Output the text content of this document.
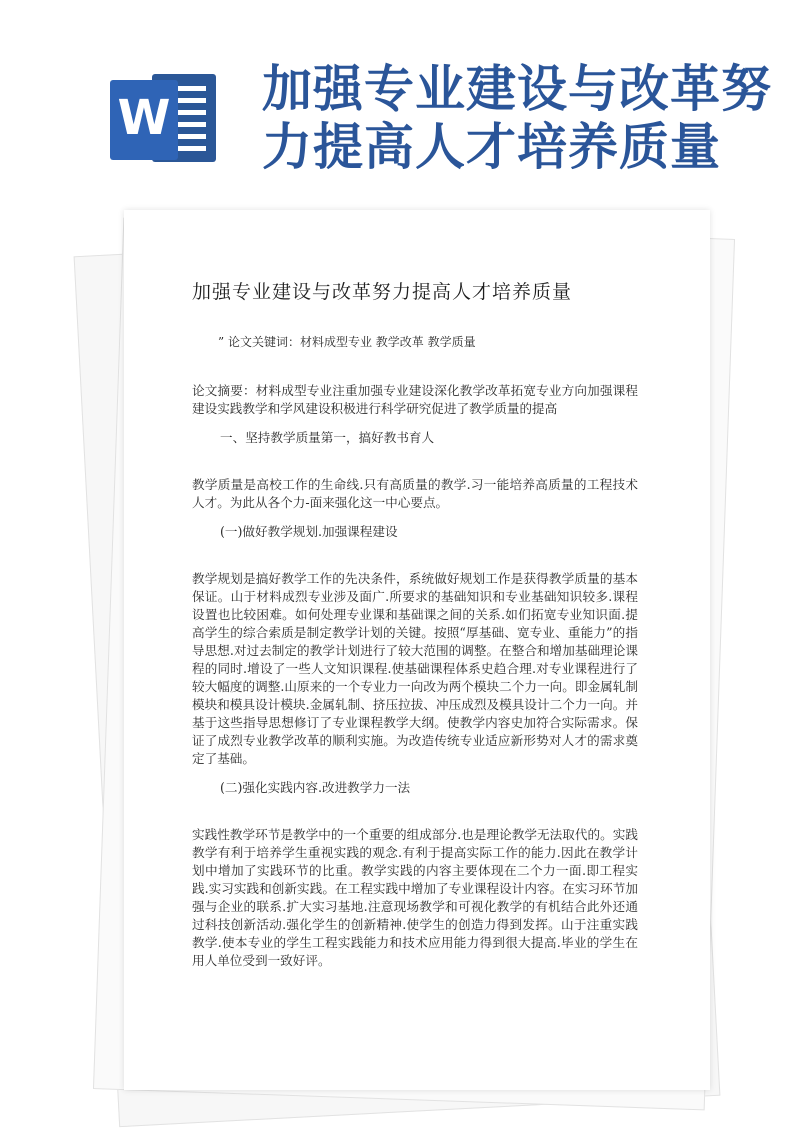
W 加强专业建设与改革努力提高人才培养质量
加强专业建设与改革努力提高人才培养质量

” 论文关键词：材料成型专业 教学改革 教学质量

论文摘要：材料成型专业注重加强专业建设深化教学改革拓宽专业方向加强课程建设实践教学和学风建设积极进行科学研究促进了教学质量的提高

一、坚持教学质量第一，搞好教书育人

教学质量是高校工作的生命线.只有高质量的教学.习一能培养高质量的工程技术人才。为此从各个力-面来强化这一中心要点。

(一)做好教学规划.加强课程建设

教学规划是搞好教学工作的先决条件，系统做好规划工作是获得教学质量的基本保证。山于材料成烈专业涉及面广.所要求的基础知识和专业基础知识较多.课程设置也比较困难。如何处理专业课和基础课之间的关系.如们拓宽专业知识面.提高学生的综合索质是制定教学计划的关键。按照“厚基础、宽专业、重能力”的指导思想.对过去制定的教学计划进行了较大范围的调整。在整合和增加基础理论课程的同时.增设了一些人文知识课程.使基础课程体系史趋合理.对专业课程进行了较大幅度的调整.山原来的一个专业力一向改为两个模块二个力一向。即金属轧制模块和模具设计模块.金属轧制、挤压拉拔、冲压成烈及模具设计二个力一向。并基于这些指导思想修订了专业课程教学大纲。使教学内容史加符合实际需求。保证了成烈专业教学改革的顺利实施。为改造传统专业适应新形势对人才的需求奠定了基础。

(二)强化实践内容.改进教学力一法

实践性教学环节是教学中的一个重要的组成部分.也是理论教学无法取代的。实践教学有利于培养学生重视实践的观念.有利于提高实际工作的能力.因此在教学计划中增加了实践环节的比重。教学实践的内容主要体现在二个力一面.即工程实践.实习实践和创新实践。在工程实践中增加了专业课程设计内容。在实习环节加强与企业的联系.扩大实习基地.注意现场教学和可视化教学的有机结合此外还通过科技创新活动.强化学生的创新精神.使学生的创造力得到发挥。山于注重实践教学.使本专业的学生工程实践能力和技术应用能力得到很大提高.毕业的学生在用人单位受到一致好评。
